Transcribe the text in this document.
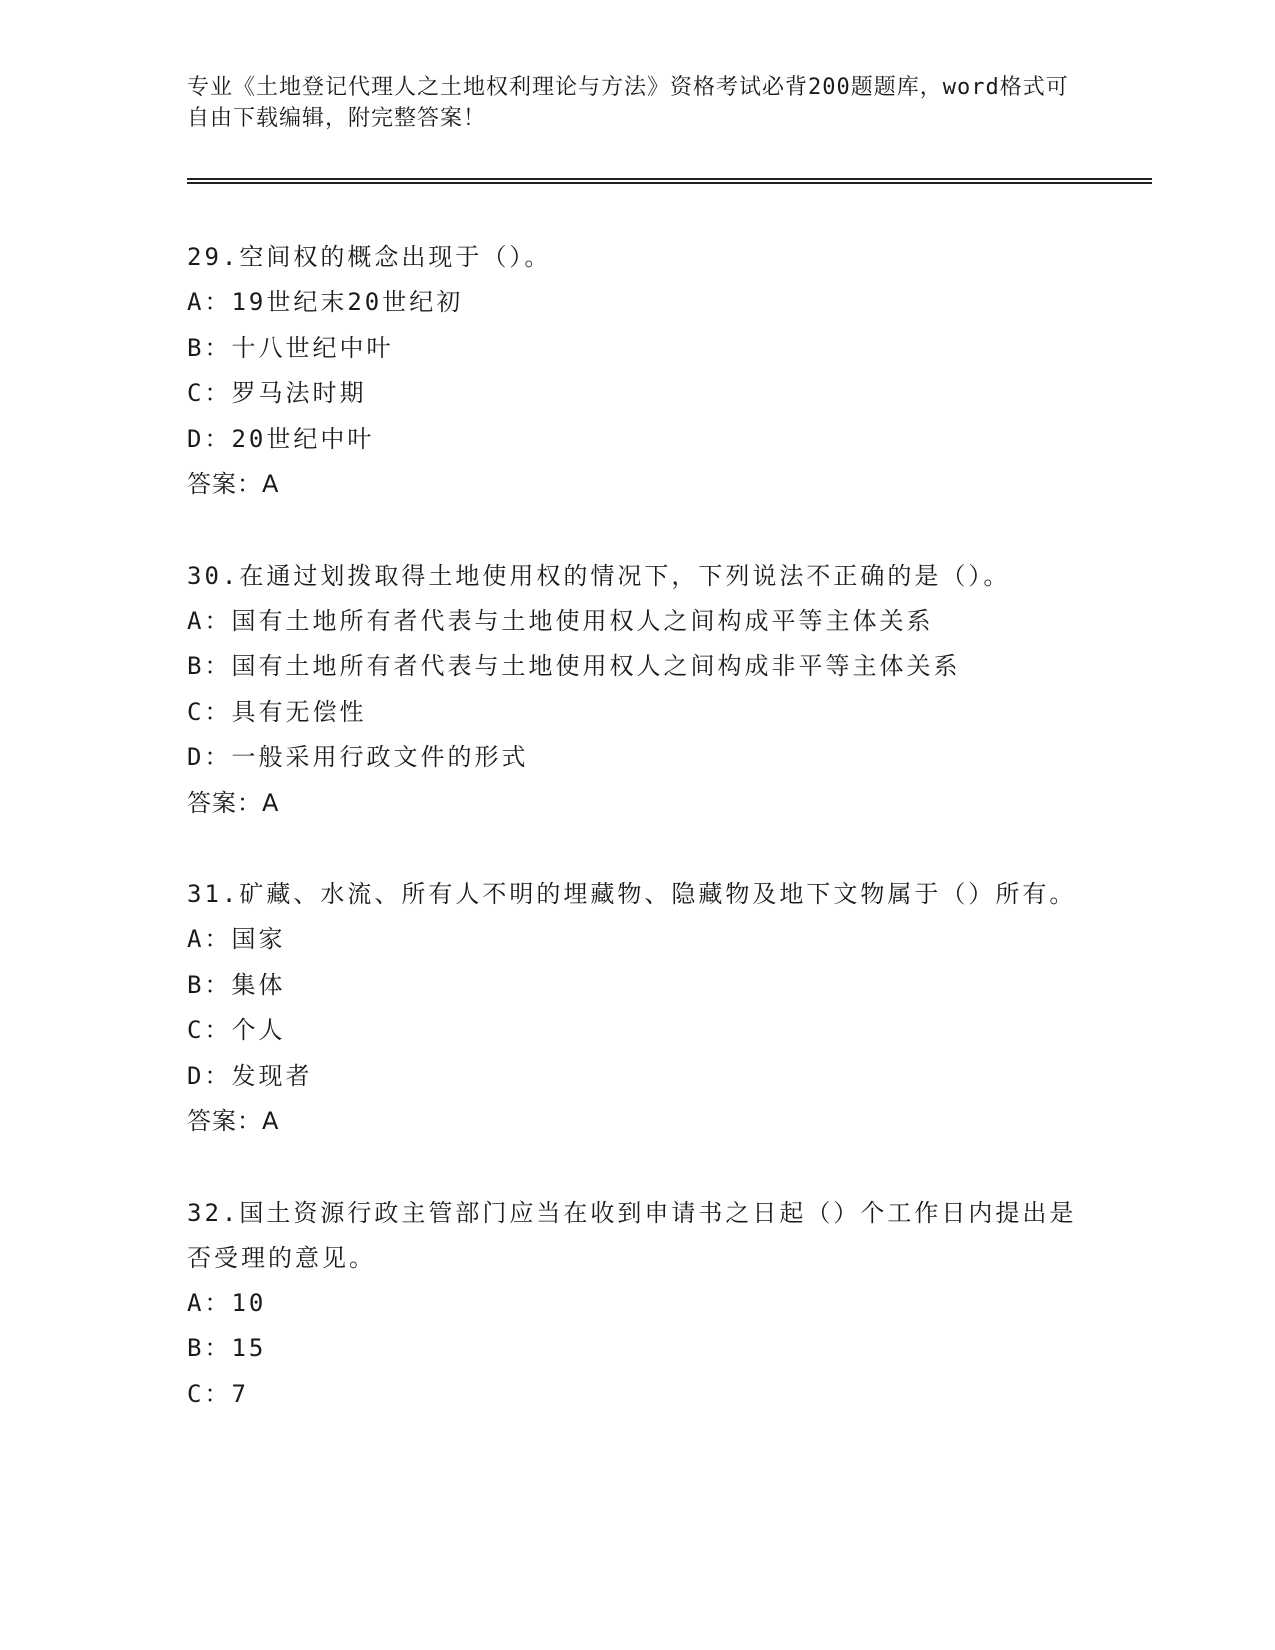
专业《土地登记代理人之土地权利理论与方法》资格考试必背200题题库，word格式可自由下载编辑，附完整答案！
29.空间权的概念出现于（）。
A：19世纪末20世纪初
B：十八世纪中叶
C：罗马法时期
D：20世纪中叶
答案：A
30.在通过划拨取得土地使用权的情况下，下列说法不正确的是（）。
A：国有土地所有者代表与土地使用权人之间构成平等主体关系
B：国有土地所有者代表与土地使用权人之间构成非平等主体关系
C：具有无偿性
D：一般采用行政文件的形式
答案：A
31.矿藏、水流、所有人不明的埋藏物、隐藏物及地下文物属于（）所有。
A：国家
B：集体
C：个人
D：发现者
答案：A
32.国土资源行政主管部门应当在收到申请书之日起（）个工作日内提出是否受理的意见。
A：10
B：15
C：7
